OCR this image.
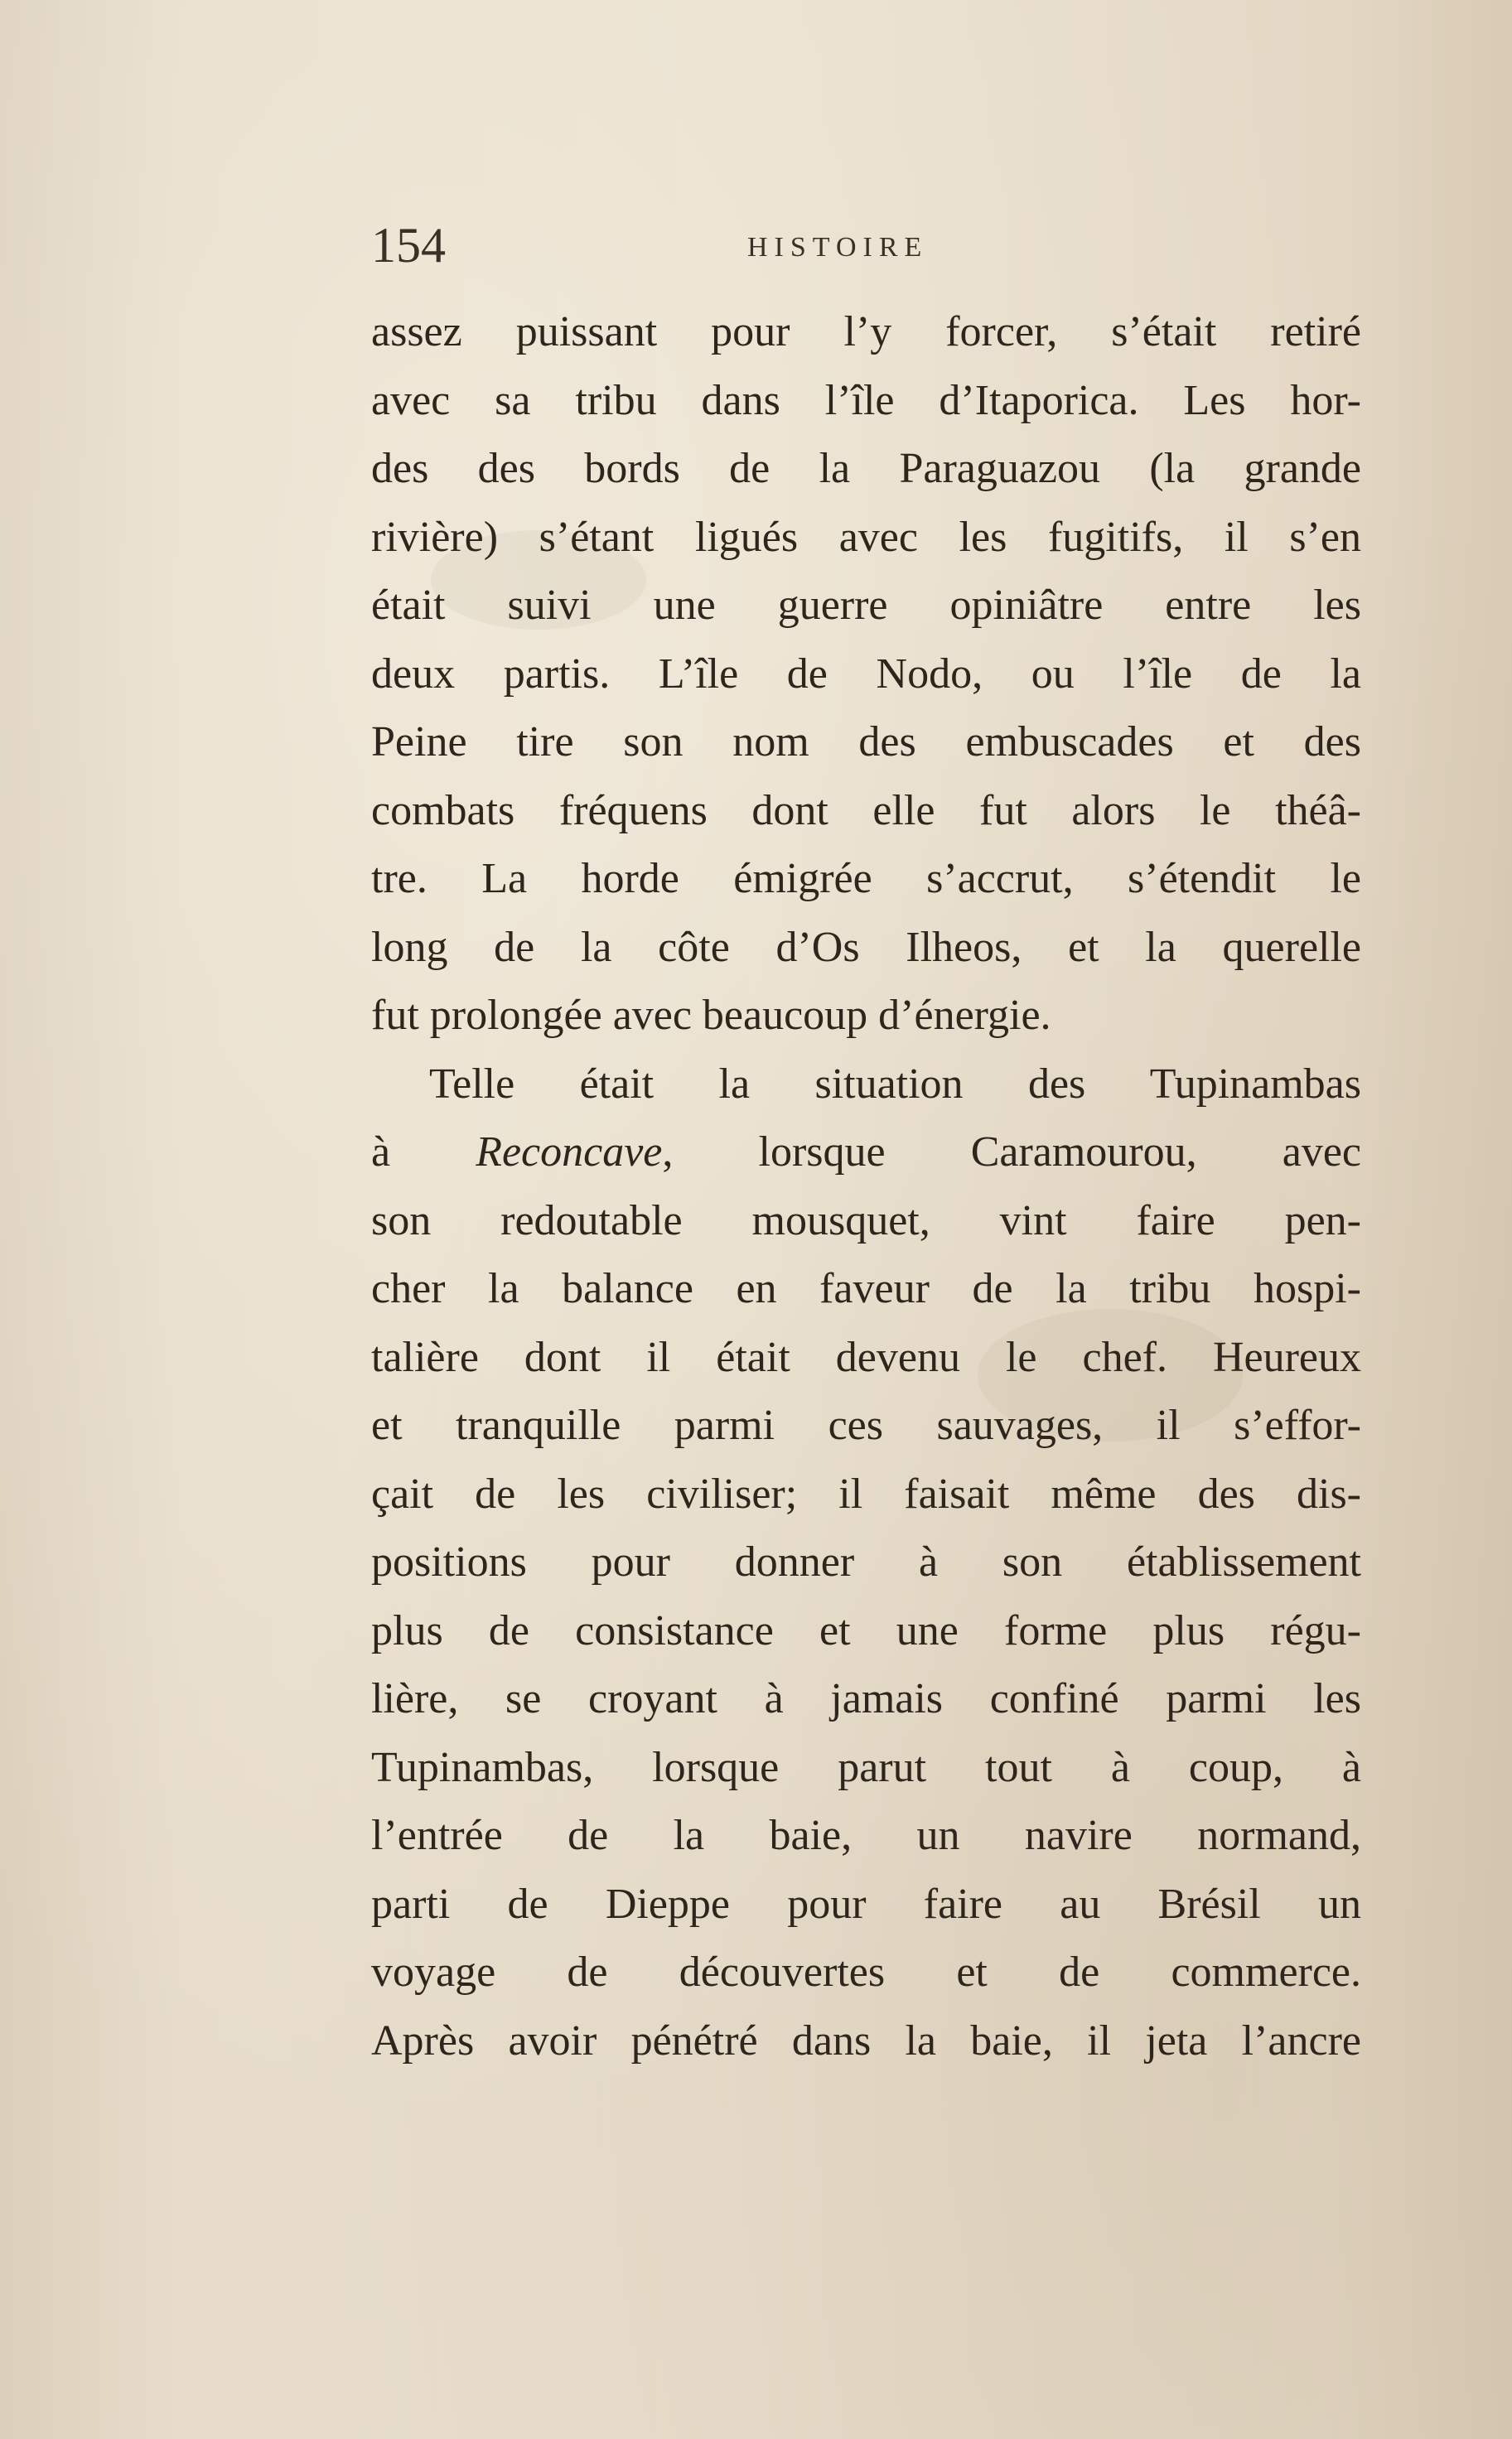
154	HISTOIRE
assez puissant pour l’y forcer, s’était retiré
avec sa tribu dans l’île d’Itaporica. Les hor-
des des bords de la Paraguazou (la grande
rivière) s’étant ligués avec les fugitifs, il s’en
était suivi une guerre opiniâtre entre les
deux partis. L’île de Nodo, ou l’île de la
Peine tire son nom des embuscades et des
combats fréquens dont elle fut alors le théâ-
tre. La horde émigrée s’accrut, s’étendit le
long de la côte d’Os Ilheos, et la querelle
fut prolongée avec beaucoup d’énergie.
Telle était la situation des Tupinambas
à Reconcave, lorsque Caramourou, avec
son redoutable mousquet, vint faire pen-
cher la balance en faveur de la tribu hospi-
talière dont il était devenu le chef. Heureux
et tranquille parmi ces sauvages, il s’effor-
çait de les civiliser; il faisait même des dis-
positions pour donner à son établissement
plus de consistance et une forme plus régu-
lière, se croyant à jamais confiné parmi les
Tupinambas, lorsque parut tout à coup, à
l’entrée de la baie, un navire normand,
parti de Dieppe pour faire au Brésil un
voyage de découvertes et de commerce.
Après avoir pénétré dans la baie, il jeta l’ancre
